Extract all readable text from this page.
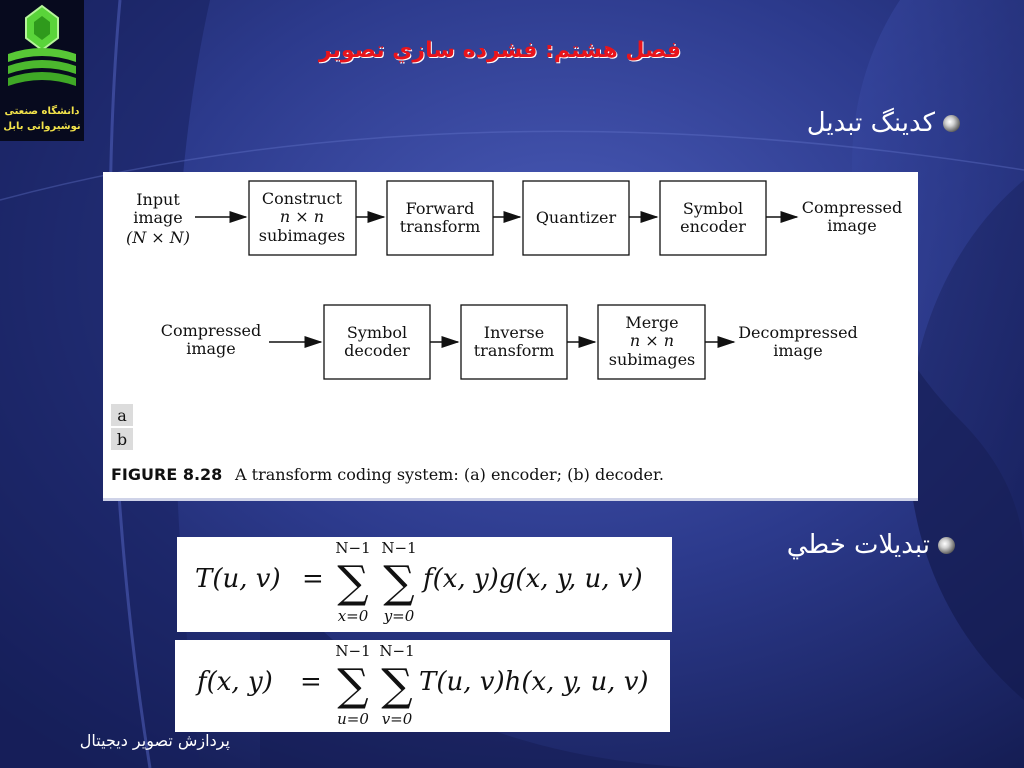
دانشگاه صنعتی
نوشیروانی بابل
فصل هشتم: فشرده سازي تصوير
كدينگ تبديل
Input
image
(N × N)
Construct
n × n
subimages
Forward
transform	Quantizer	Symbol
encoder
Compressed
image
Compressed
image
Symbol
decoder
Inverse
transform
Merge
n × n
subimages
Decompressed
image
a
b
FIGURE 8.28 A transform coding system: (a) encoder; (b) decoder.
تبديلات خطي
T(u, v) =
N−1
∑
x=0
N−1
∑
y=0
f(x, y)g(x, y, u, v)
f(x, y) =
N−1
∑
u=0
N−1
∑
v=0
T(u, v)h(x, y, u, v)
پردازش تصوير ديجيتال
